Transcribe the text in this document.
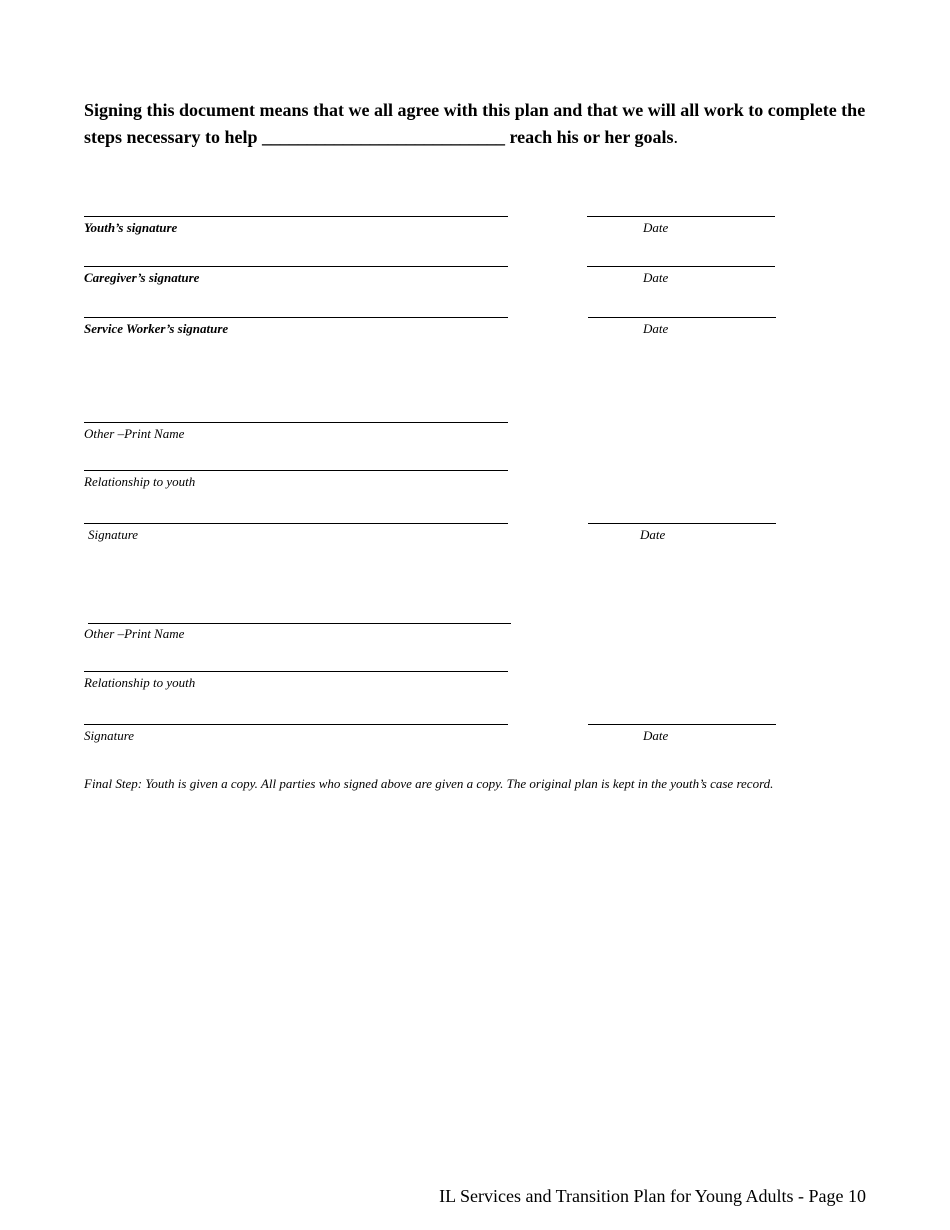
Signing this document means that we all agree with this plan and that we will all work to complete the steps necessary to help ___________________________ reach his or her goals.
Youth’s signature	Date
Caregiver’s signature	Date
Service Worker’s signature	Date
Other –Print Name
Relationship to youth
Signature	Date
Other –Print Name
Relationship to youth
Signature	Date
Final Step: Youth is given a copy. All parties who signed above are given a copy. The original plan is kept in the youth’s case record.
IL Services and Transition Plan for Young Adults - Page 10
